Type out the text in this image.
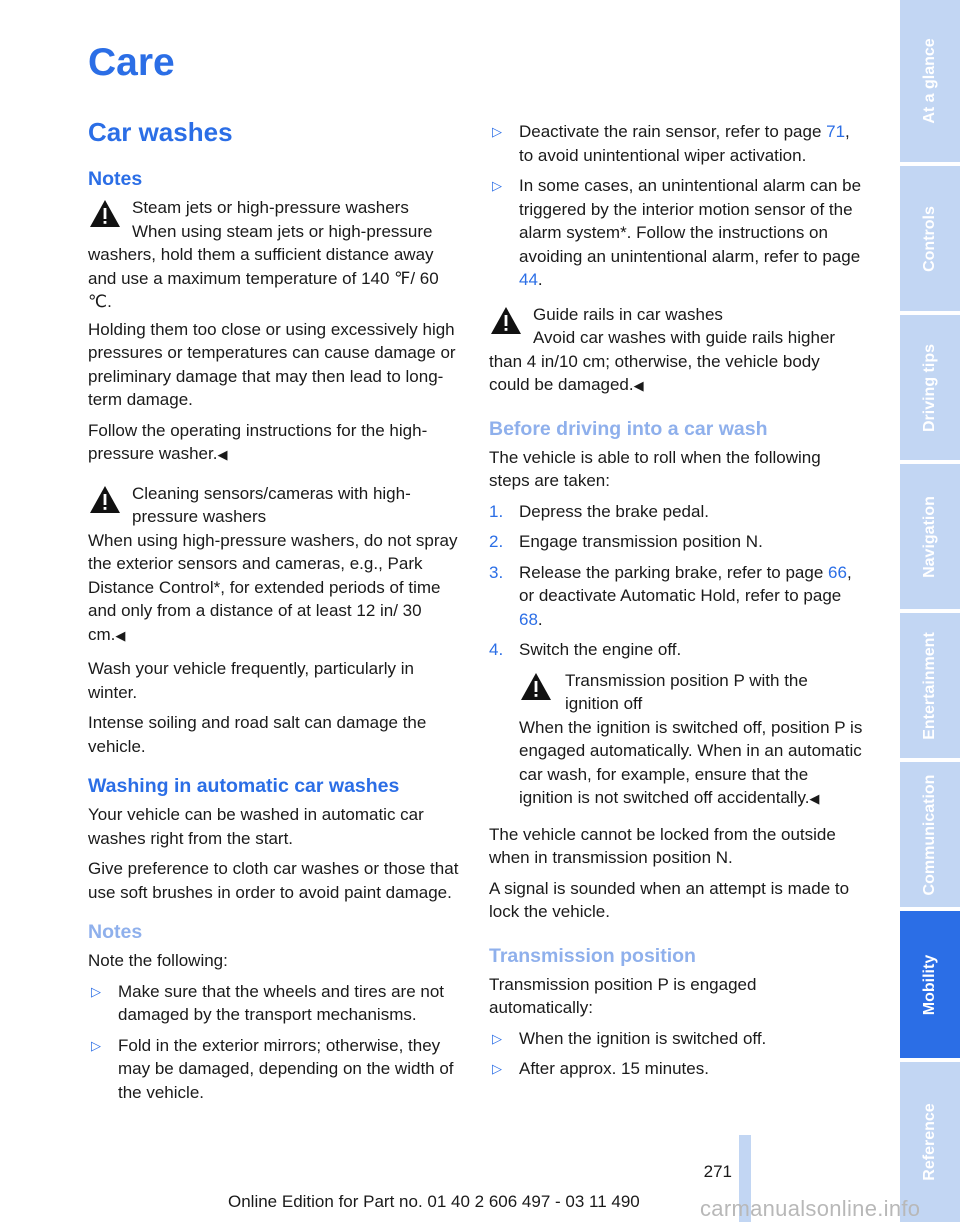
Care
Car washes
Notes
Steam jets or high-pressure washers
When using steam jets or high-pressure
washers, hold them a sufficient distance away and use a maximum temperature of 140 ℉/ 60 ℃.

Holding them too close or using excessively high pressures or temperatures can cause damage or preliminary damage that may then lead to long-term damage.

Follow the operating instructions for the high-pressure washer.◀

Cleaning sensors/cameras with high-pressure washers
When using high-pressure washers, do not spray the exterior sensors and cameras, e.g., Park Distance Control*, for extended periods of time and only from a distance of at least 12 in/ 30 cm.◀

Wash your vehicle frequently, particularly in winter.

Intense soiling and road salt can damage the vehicle.

Washing in automatic car washes

Your vehicle can be washed in automatic car washes right from the start.

Give preference to cloth car washes or those that use soft brushes in order to avoid paint damage.

Notes

Note the following:

▷ Make sure that the wheels and tires are not damaged by the transport mechanisms.
▷ Fold in the exterior mirrors; otherwise, they may be damaged, depending on the width of the vehicle.
▷ Deactivate the rain sensor, refer to page 71, to avoid unintentional wiper activation.
▷ In some cases, an unintentional alarm can be triggered by the interior motion sensor of the alarm system*. Follow the instructions on avoiding an unintentional alarm, refer to page 44.
Guide rails in car washes
Avoid car washes with guide rails higher
than 4 in/10 cm; otherwise, the vehicle body could be damaged.◀
Before driving into a car wash

The vehicle is able to roll when the following steps are taken:

1. Depress the brake pedal.
2. Engage transmission position N.
3. Release the parking brake, refer to page 66, or deactivate Automatic Hold, refer to page 68.
4. Switch the engine off.
Transmission position P with the ignition off
When the ignition is switched off, position P is engaged automatically. When in an automatic car wash, for example, ensure that the ignition is not switched off accidentally.◀

The vehicle cannot be locked from the outside when in transmission position N.

A signal is sounded when an attempt is made to lock the vehicle.

Transmission position

Transmission position P is engaged automatically:

▷ When the ignition is switched off.
▷ After approx. 15 minutes.
At a glance
Controls
Driving tips
Navigation
Entertainment
Communication
Mobility
Reference
271
Online Edition for Part no. 01 40 2 606 497 - 03 11 490	carmanualsonline.info
